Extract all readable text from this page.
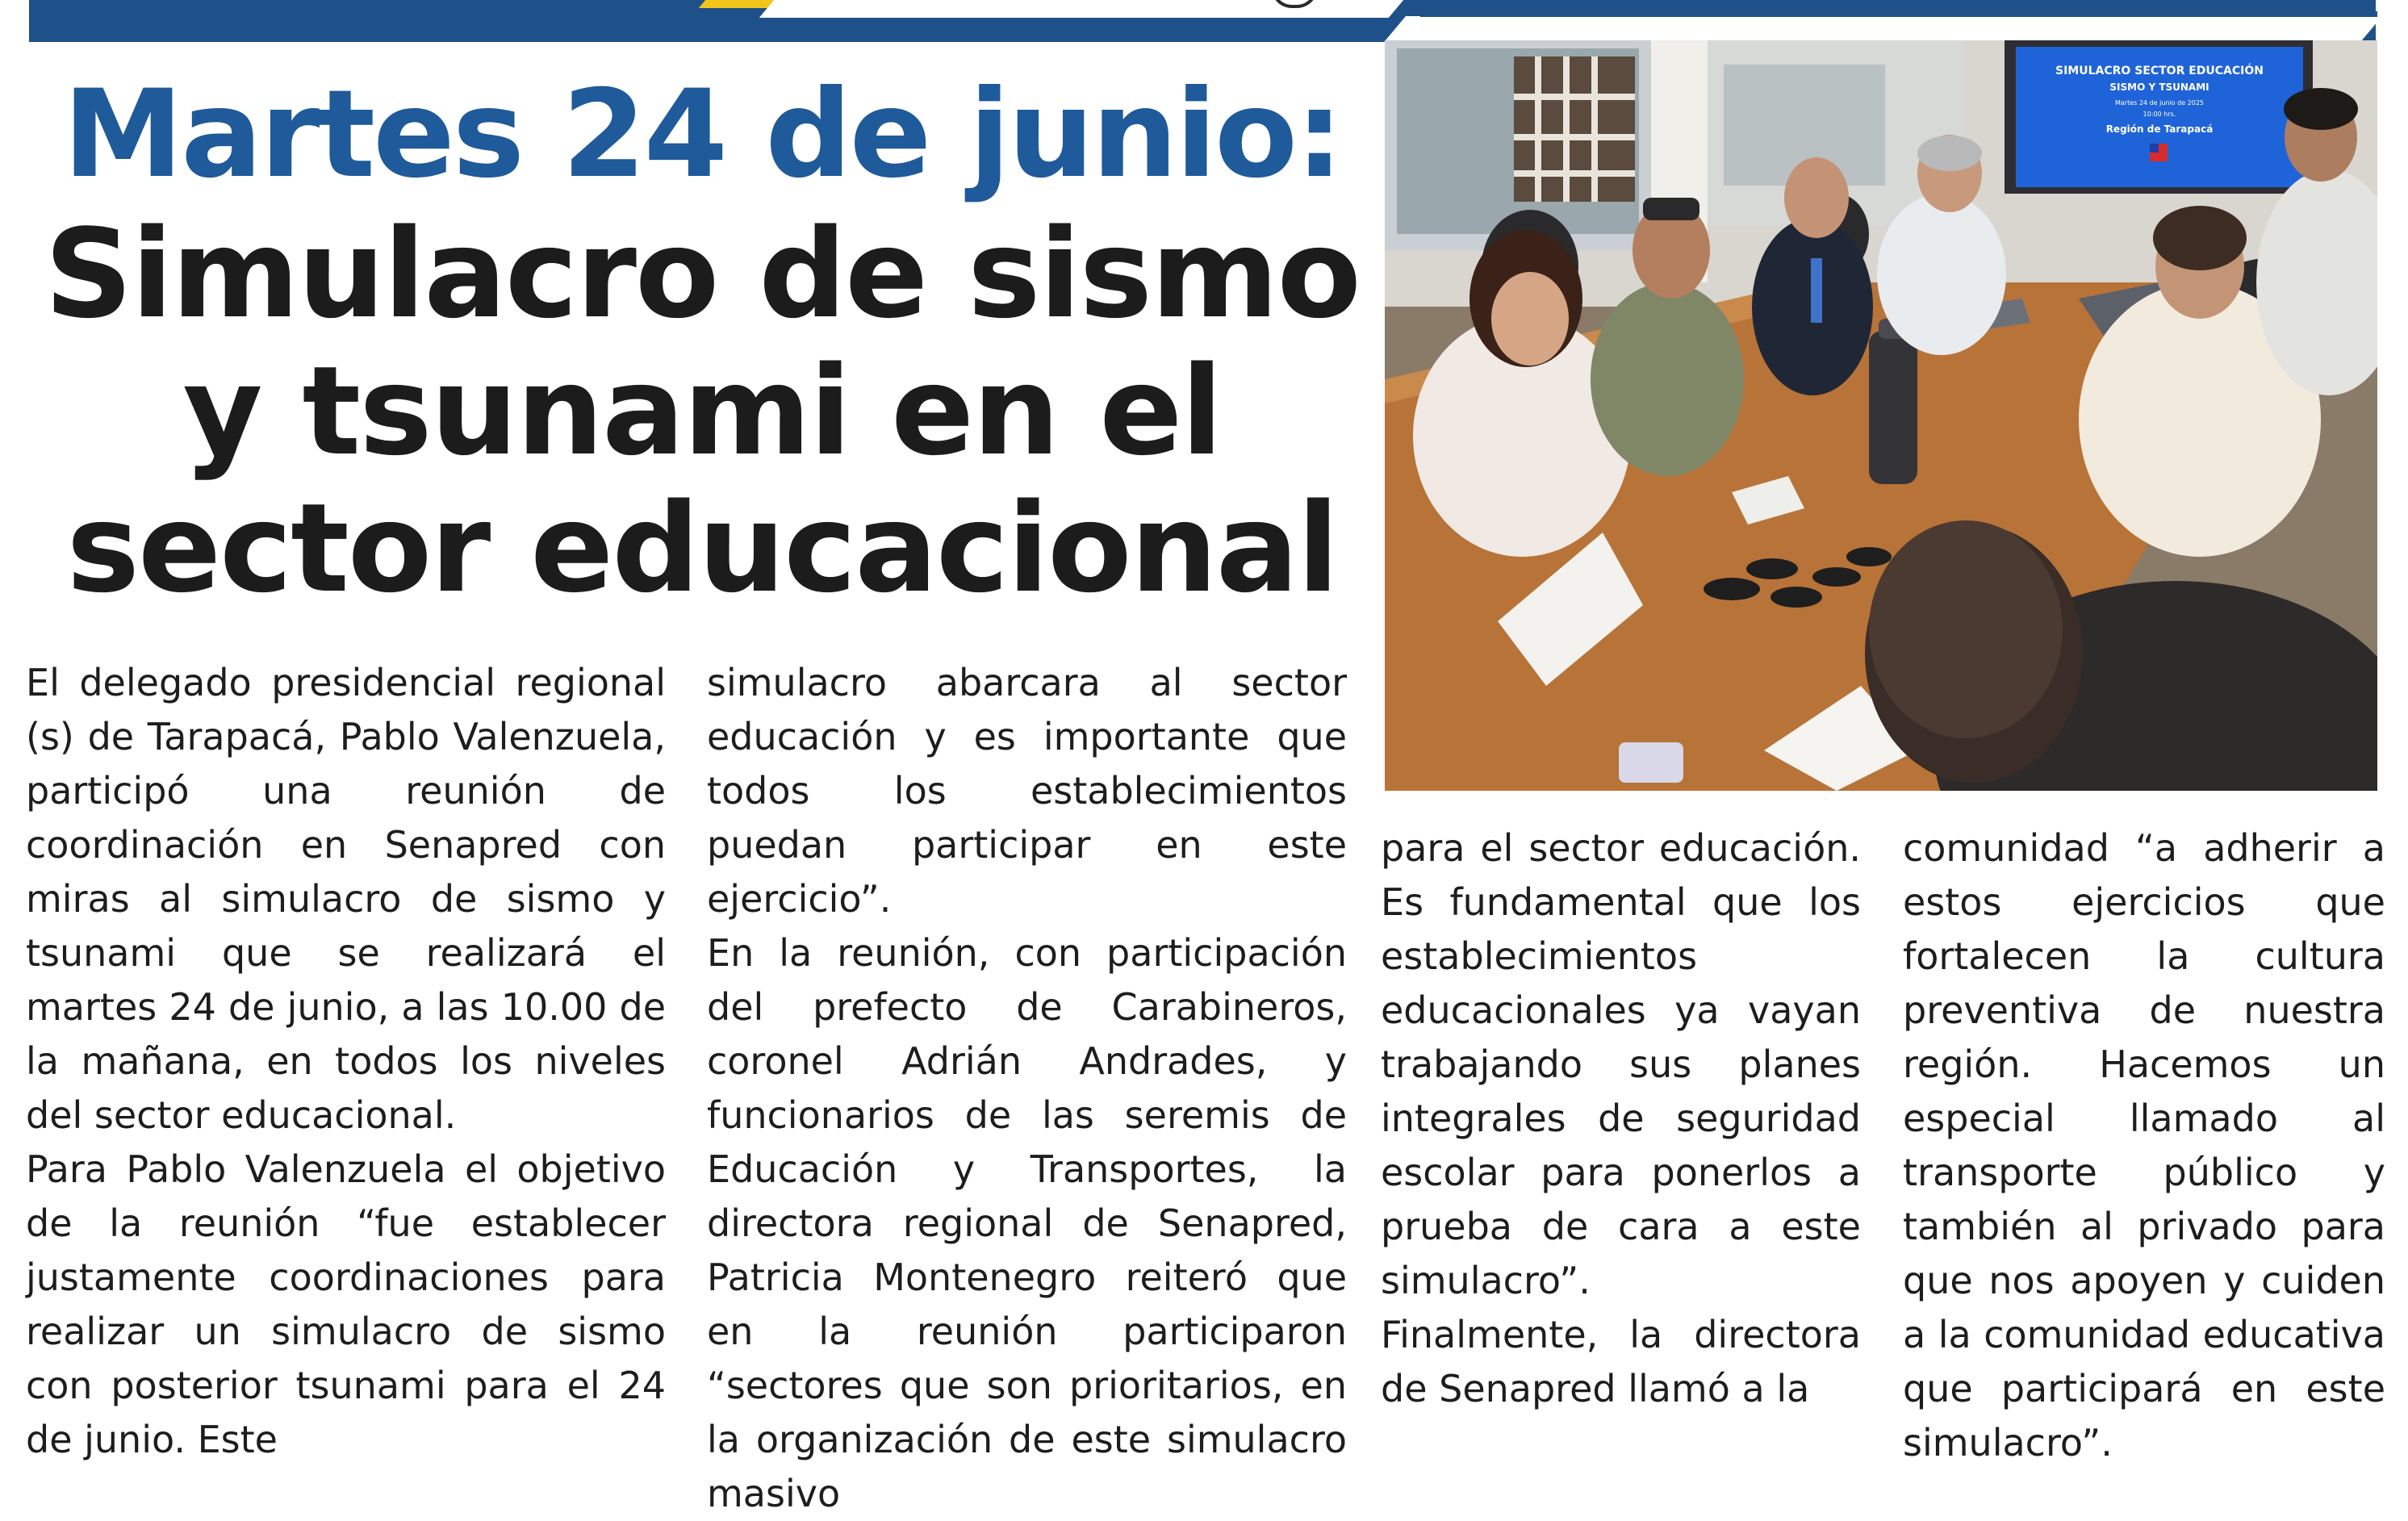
Martes 24 de junio:
Simulacro de sismo
y tsunami en el
sector educacional
SIMULACRO SECTOR EDUCACIÓN
SISMO Y TSUNAMI
Martes 24 de junio de 2025
10:00 hrs.
Región de Tarapacá

El delegado presidencial regional (s) de Tarapacá, Pablo Valenzuela, participó una reunión de coordinación en Senapred con miras al simulacro de sismo y tsunami que se realizará el martes 24 de junio, a las 10.00 de la mañana, en todos los niveles del sector educacional.

Para Pablo Valenzuela el objetivo de la reunión “fue establecer justamente coordinaciones para realizar un simulacro de sismo con posterior tsunami para el 24 de junio. Este

simulacro abarcara al sector educación y es importante que todos los establecimientos puedan participar en este ejercicio”.

En la reunión, con participación del prefecto de Carabineros, coronel Adrián Andrades, y funcionarios de las seremis de Educación y Transportes, la directora regional de Senapred, Patricia Montenegro reiteró que en la reunión participaron “sectores que son prioritarios, en la organización de este simulacro masivo

para el sector educación. Es fundamental que los establecimientos educacionales ya vayan trabajando sus planes integrales de seguridad escolar para ponerlos a prueba de cara a este simulacro”.

Finalmente, la directora de Senapred llamó a la

comunidad “a adherir a estos ejercicios que fortalecen la cultura preventiva de nuestra región. Hacemos un especial llamado al transporte público y también al privado para que nos apoyen y cuiden a la comunidad educativa que participará en este simulacro”.
